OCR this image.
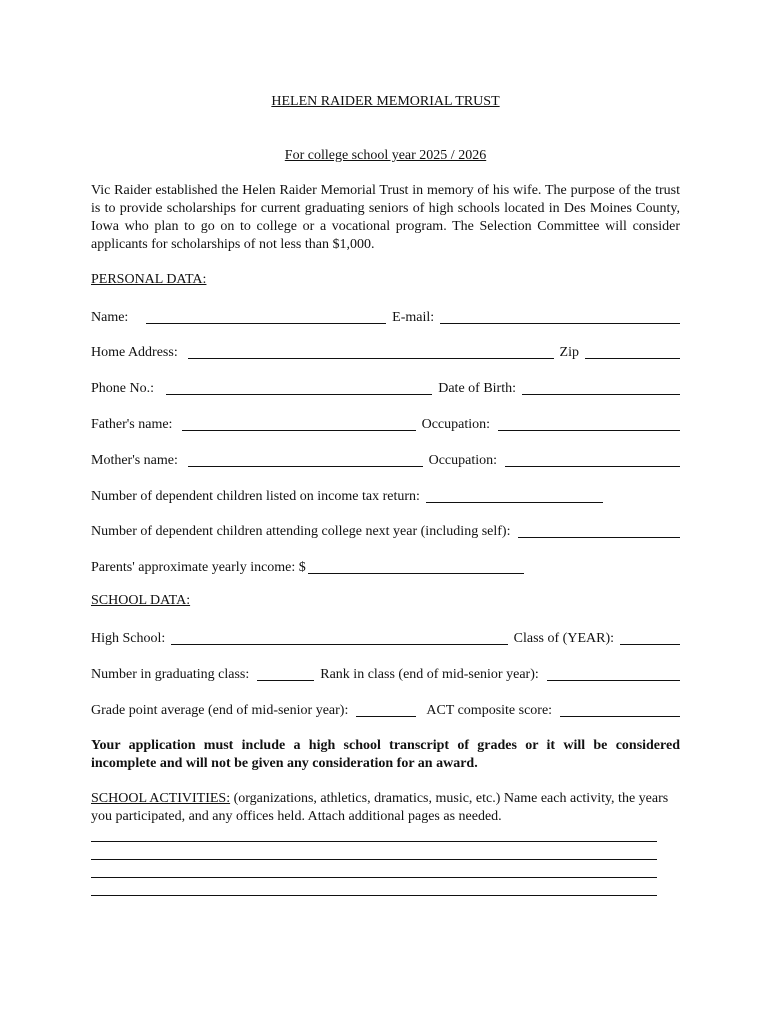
HELEN RAIDER MEMORIAL TRUST
For college school year 2025 / 2026
Vic Raider established the Helen Raider Memorial Trust in memory of his wife. The purpose of the trust is to provide scholarships for current graduating seniors of high schools located in Des Moines County, Iowa who plan to go on to college or a vocational program. The Selection Committee will consider applicants for scholarships of not less than $1,000.
PERSONAL DATA:
Name:	E-mail:
Home Address:	Zip
Phone No.:	Date of Birth:
Father's name:	Occupation:
Mother's name:	Occupation:
Number of dependent children listed on income tax return:
Number of dependent children attending college next year (including self):
Parents' approximate yearly income: $
SCHOOL DATA:
High School:	Class of (YEAR):
Number in graduating class:	Rank in class (end of mid-senior year):
Grade point average (end of mid-senior year):	ACT composite score:
Your application must include a high school transcript of grades or it will be considered incomplete and will not be given any consideration for an award.
SCHOOL ACTIVITIES: (organizations, athletics, dramatics, music, etc.) Name each activity, the years you participated, and any offices held. Attach additional pages as needed.
